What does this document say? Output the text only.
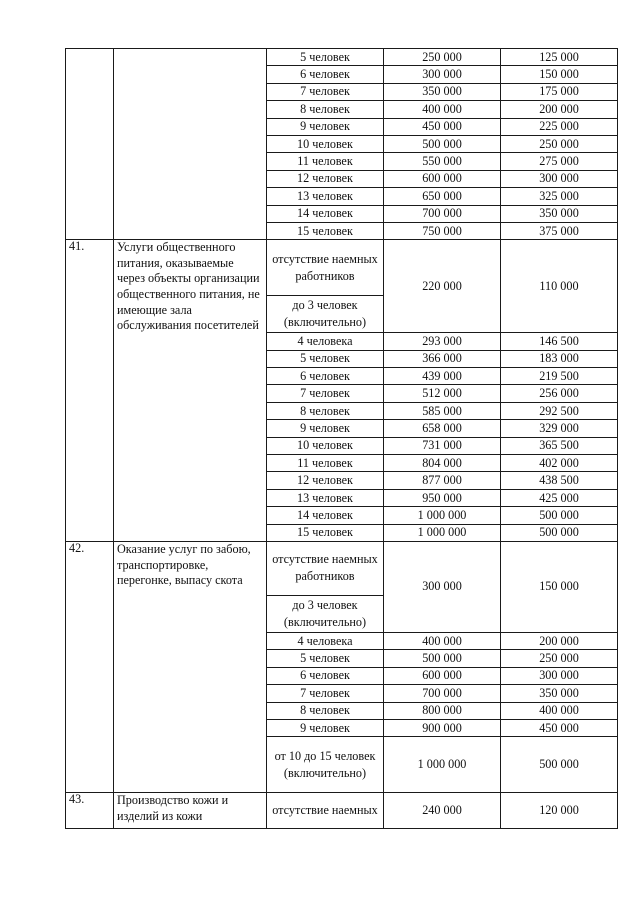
		5 человек	250 000	125 000
		6 человек	300 000	150 000
		7 человек	350 000	175 000
		8 человек	400 000	200 000
		9 человек	450 000	225 000
		10 человек	500 000	250 000
		11 человек	550 000	275 000
		12 человек	600 000	300 000
		13 человек	650 000	325 000
		14 человек	700 000	350 000
		15 человек	750 000	375 000
41.	Услуги общественного питания, оказываемые через объекты организации общественного питания, не имеющие зала обслуживания посетителей	отсутствие наемных работников	220 000	110 000
		до 3 человек (включительно)		
		4 человека	293 000	146 500
		5 человек	366 000	183 000
		6 человек	439 000	219 500
		7 человек	512 000	256 000
		8 человек	585 000	292 500
		9 человек	658 000	329 000
		10 человек	731 000	365 500
		11 человек	804 000	402 000
		12 человек	877 000	438 500
		13 человек	950 000	425 000
		14 человек	1 000 000	500 000
		15 человек	1 000 000	500 000
42.	Оказание услуг по забою, транспортировке, перегонке, выпасу скота	отсутствие наемных работников	300 000	150 000
		до 3 человек (включительно)		
		4 человека	400 000	200 000
		5 человек	500 000	250 000
		6 человек	600 000	300 000
		7 человек	700 000	350 000
		8 человек	800 000	400 000
		9 человек	900 000	450 000
		от 10 до 15 человек (включительно)	1 000 000	500 000
43.	Производство кожи и изделий из кожи	отсутствие наемных	240 000	120 000
